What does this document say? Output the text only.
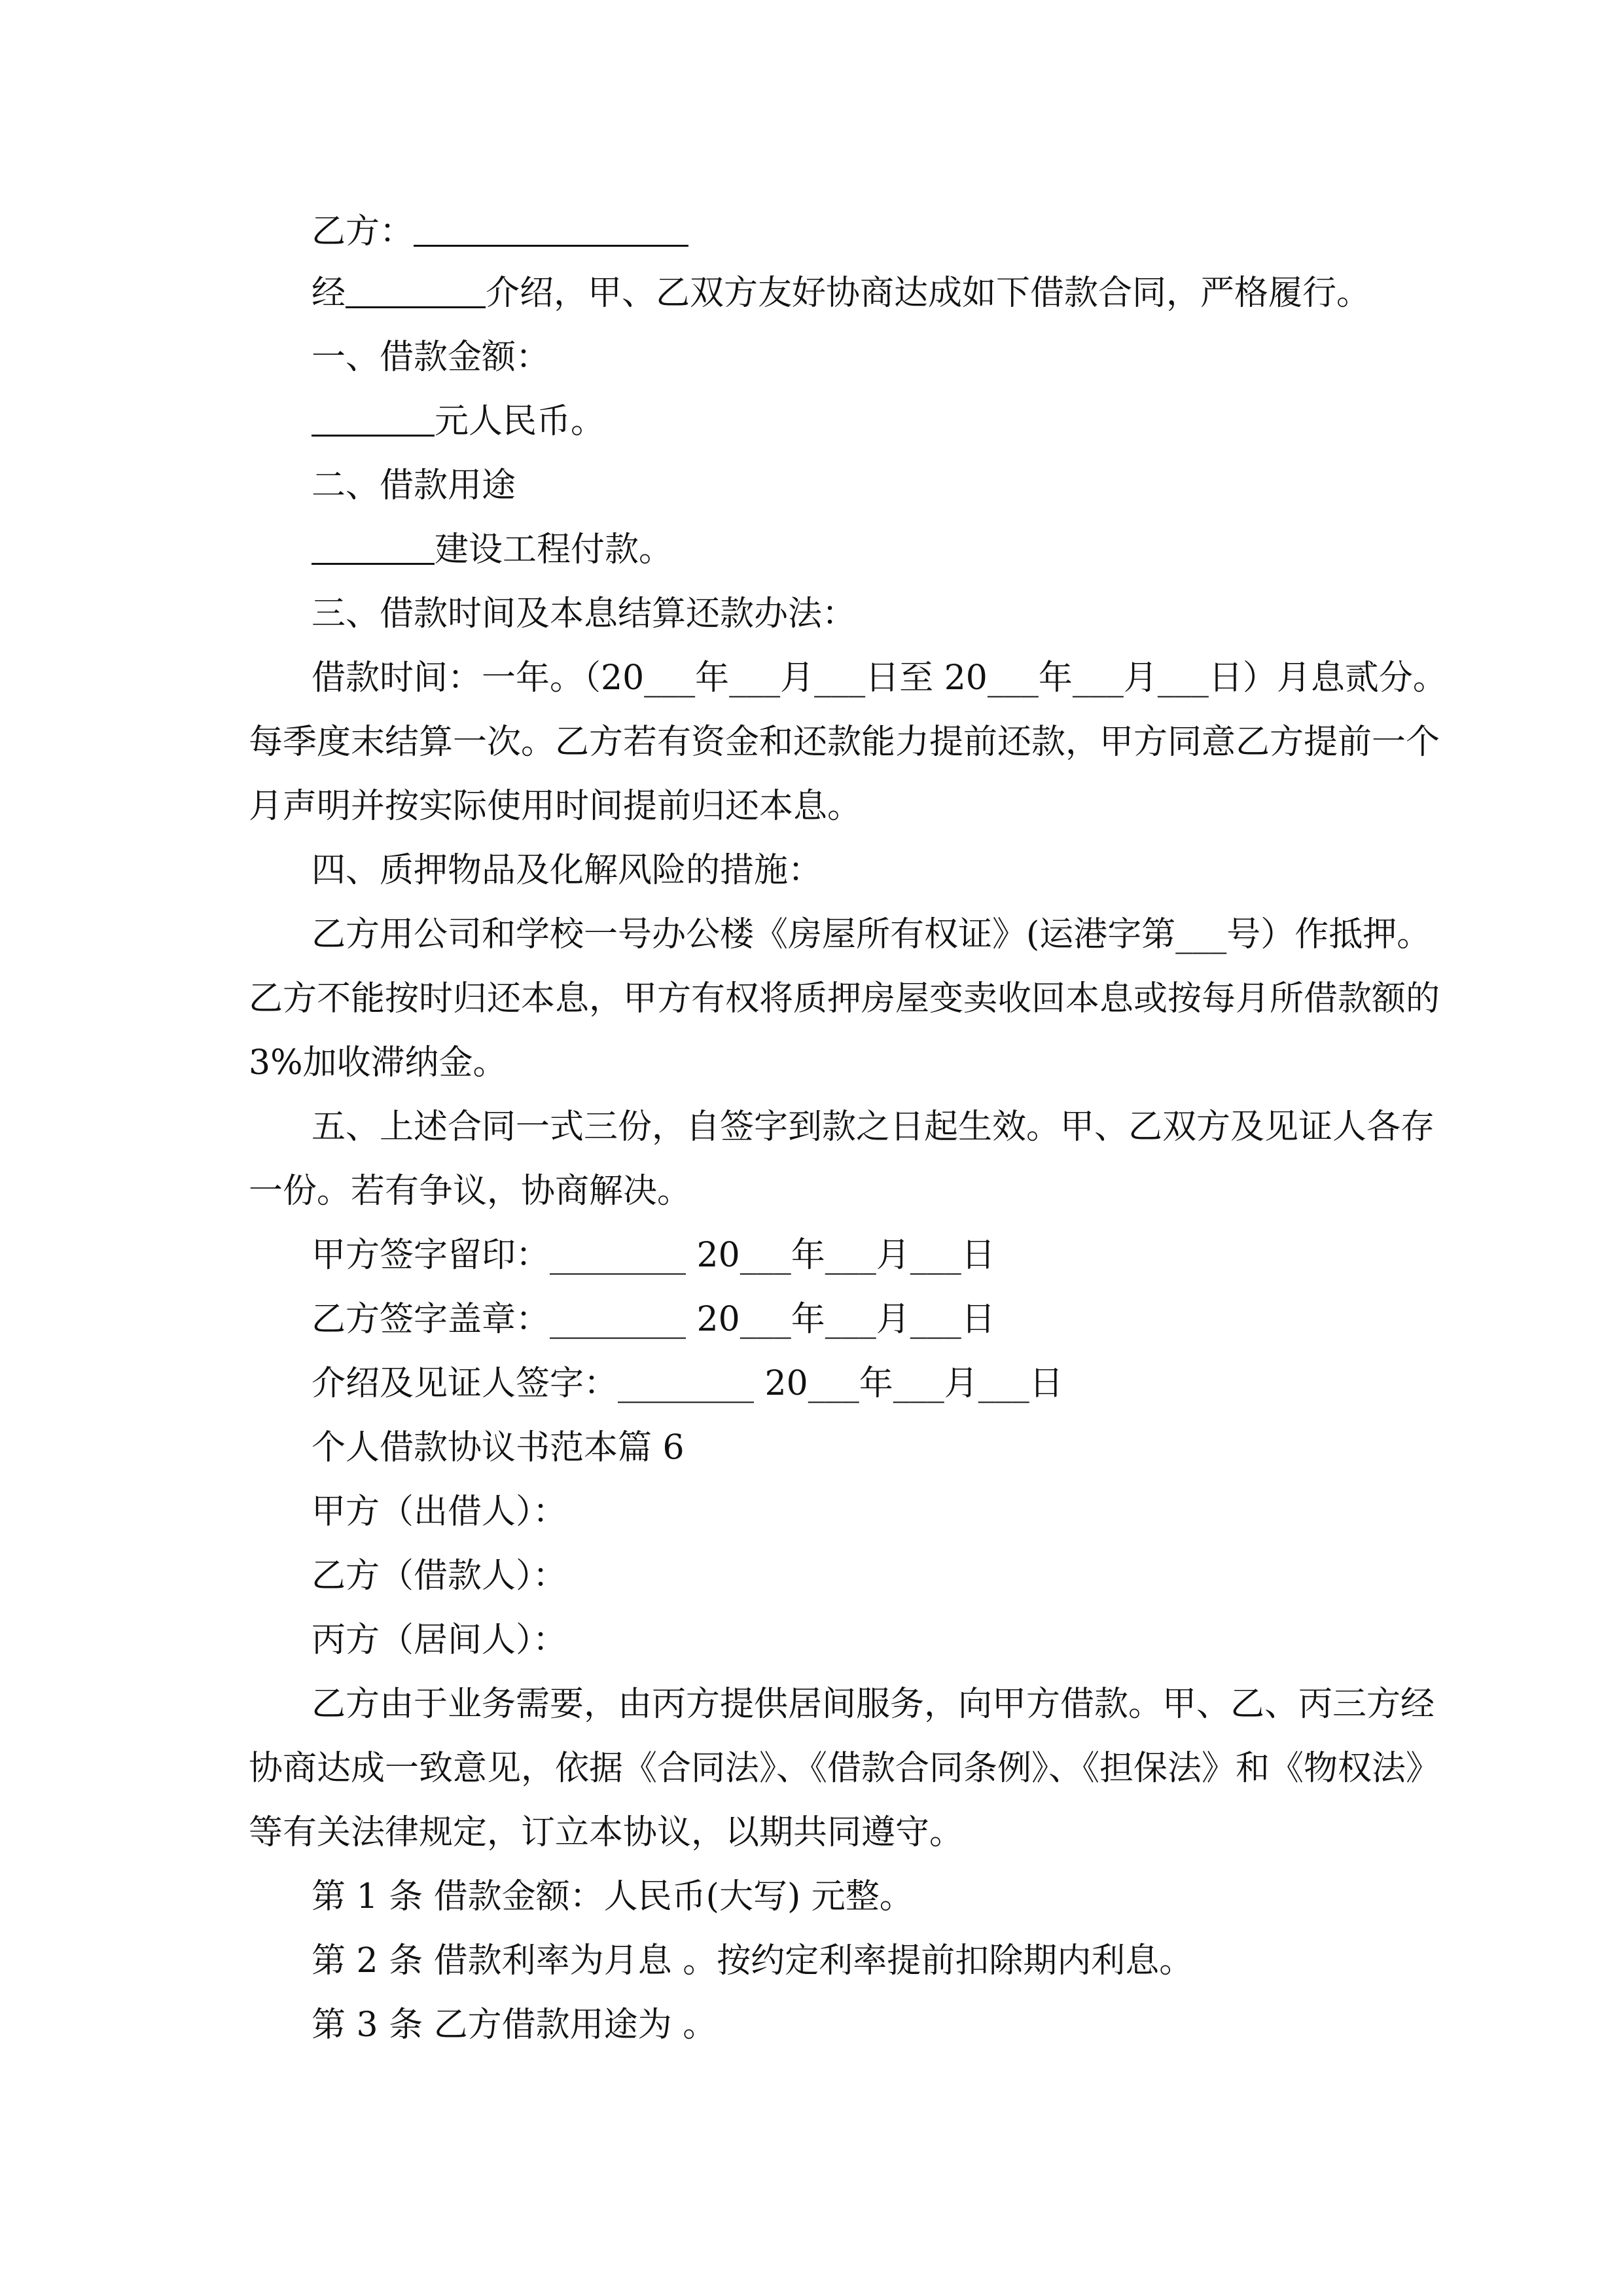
乙方：
经	介绍，甲、乙双方友好协商达成如下借款合同，严格履行。
一、借款金额：
元人民币。
二、借款用途
建设工程付款。
三、借款时间及本息结算还款办法：
借款时间：一年。（20___年___月___日至 20___年___月___日）月息贰分。
每季度末结算一次。乙方若有资金和还款能力提前还款，甲方同意乙方提前一个
月声明并按实际使用时间提前归还本息。
四、质押物品及化解风险的措施：
乙方用公司和学校一号办公楼《房屋所有权证》(运港字第___号）作抵押。
乙方不能按时归还本息，甲方有权将质押房屋变卖收回本息或按每月所借款额的
3%加收滞纳金。
五、上述合同一式三份，自签字到款之日起生效。甲、乙双方及见证人各存
一份。若有争议，协商解决。
甲方签字留印：________ 20___年___月___日
乙方签字盖章：________ 20___年___月___日
介绍及见证人签字：________ 20___年___月___日
个人借款协议书范本篇 6
甲方（出借人）：
乙方（借款人）：
丙方（居间人）：
乙方由于业务需要，由丙方提供居间服务，向甲方借款。甲、乙、丙三方经
协商达成一致意见，依据《合同法》、《借款合同条例》、《担保法》和《物权法》
等有关法律规定，订立本协议，以期共同遵守。
第 1 条 借款金额：人民币(大写) 元整。
第 2 条 借款利率为月息 。按约定利率提前扣除期内利息。
第 3 条 乙方借款用途为 。
